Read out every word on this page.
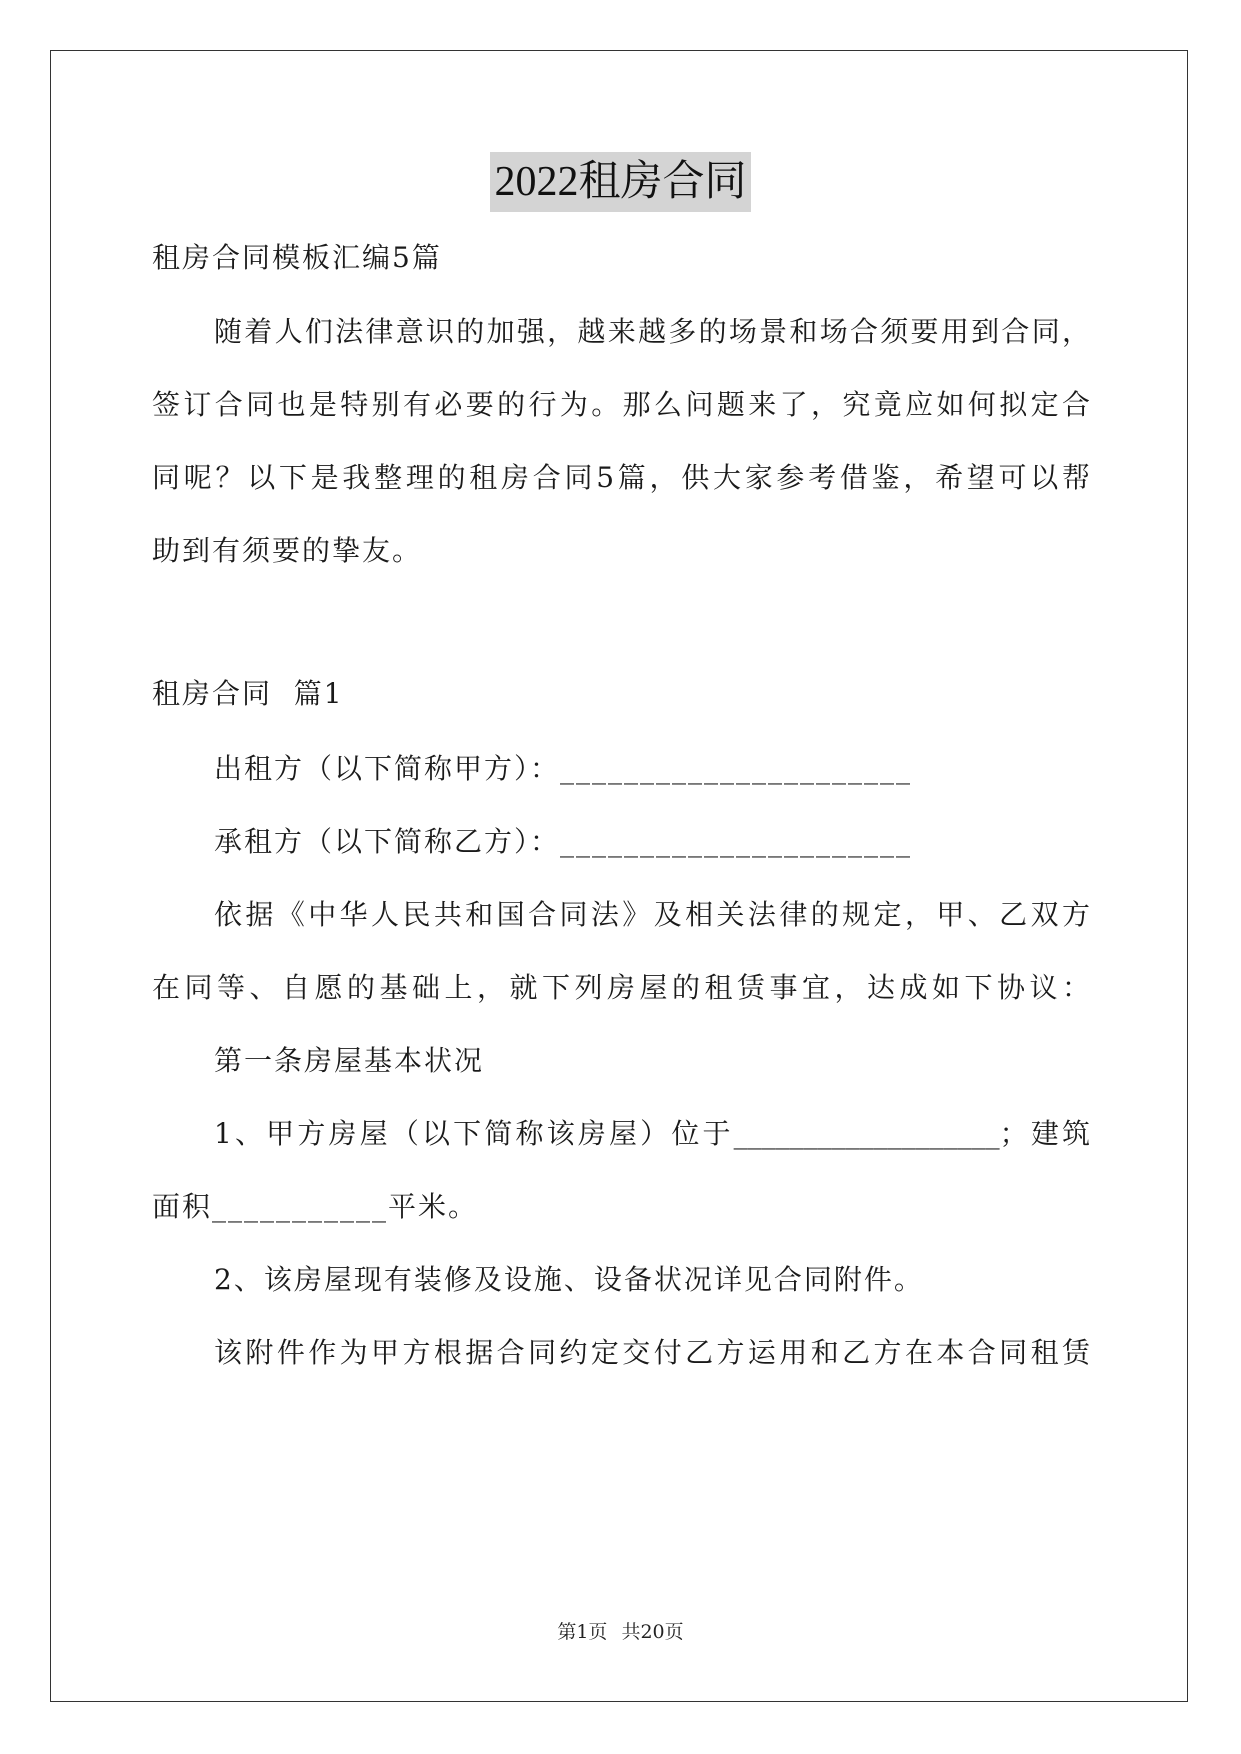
2022租房合同
租房合同模板汇编5篇
随着人们法律意识的加强，越来越多的场景和场合须要用到合同，
签订合同也是特别有必要的行为。那么问题来了，究竟应如何拟定合
同呢？以下是我整理的租房合同5篇，供大家参考借鉴，希望可以帮
助到有须要的挚友。
租房合同  篇1
出租方（以下简称甲方）：______________________
承租方（以下简称乙方）：______________________
依据《中华人民共和国合同法》及相关法律的规定，甲、乙双方
在同等、自愿的基础上，就下列房屋的租赁事宜，达成如下协议：
第一条房屋基本状况
1、甲方房屋（以下简称该房屋）位于___________________；建筑
面积___________平米。
2、该房屋现有装修及设施、设备状况详见合同附件。
该附件作为甲方根据合同约定交付乙方运用和乙方在本合同租赁
第1页 共20页
